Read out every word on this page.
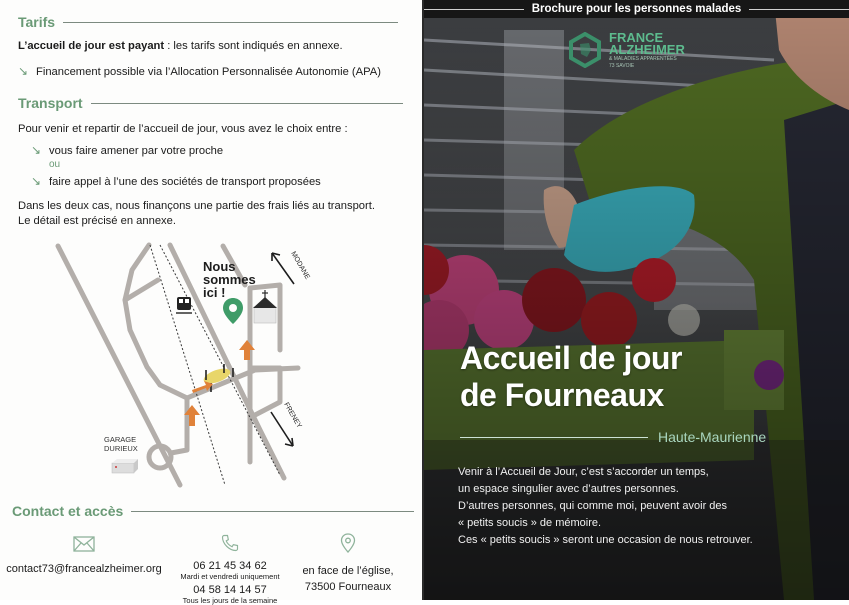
Tarifs
L’accueil de jour est payant : les tarifs sont indiqués en annexe.
↘ Financement possible via l’Allocation Personnalisée Autonomie (APA)
Transport
Pour venir et repartir de l’accueil de jour, vous avez le choix entre :
↘ vous faire amener par votre proche
ou
↘ faire appel à l’une des sociétés de transport proposées
Dans les deux cas, nous finançons une partie des frais liés au transport.
Le détail est précisé en annexe.
Nous
sommes
ici !
MODANE
FRENEY
GARAGE
DURIEUX
Contact et accès
contact73@francealzheimer.org	06 21 45 34 62
Mardi et vendredi uniquement
04 58 14 14 57
Tous les jours de la semaine
en face de l’église,
73500 Fourneaux
Brochure pour les personnes malades
FRANCE
ALZHEIMER
& MALADIES APPARENTÉES
73 SAVOIE
Accueil de jour
de Fourneaux
Haute-Maurienne
Venir à l’Accueil de Jour, c’est s’accorder un temps,
un espace singulier avec d’autres personnes.
D’autres personnes, qui comme moi, peuvent avoir des
« petits soucis » de mémoire.
Ces « petits soucis » seront une occasion de nous retrouver.
